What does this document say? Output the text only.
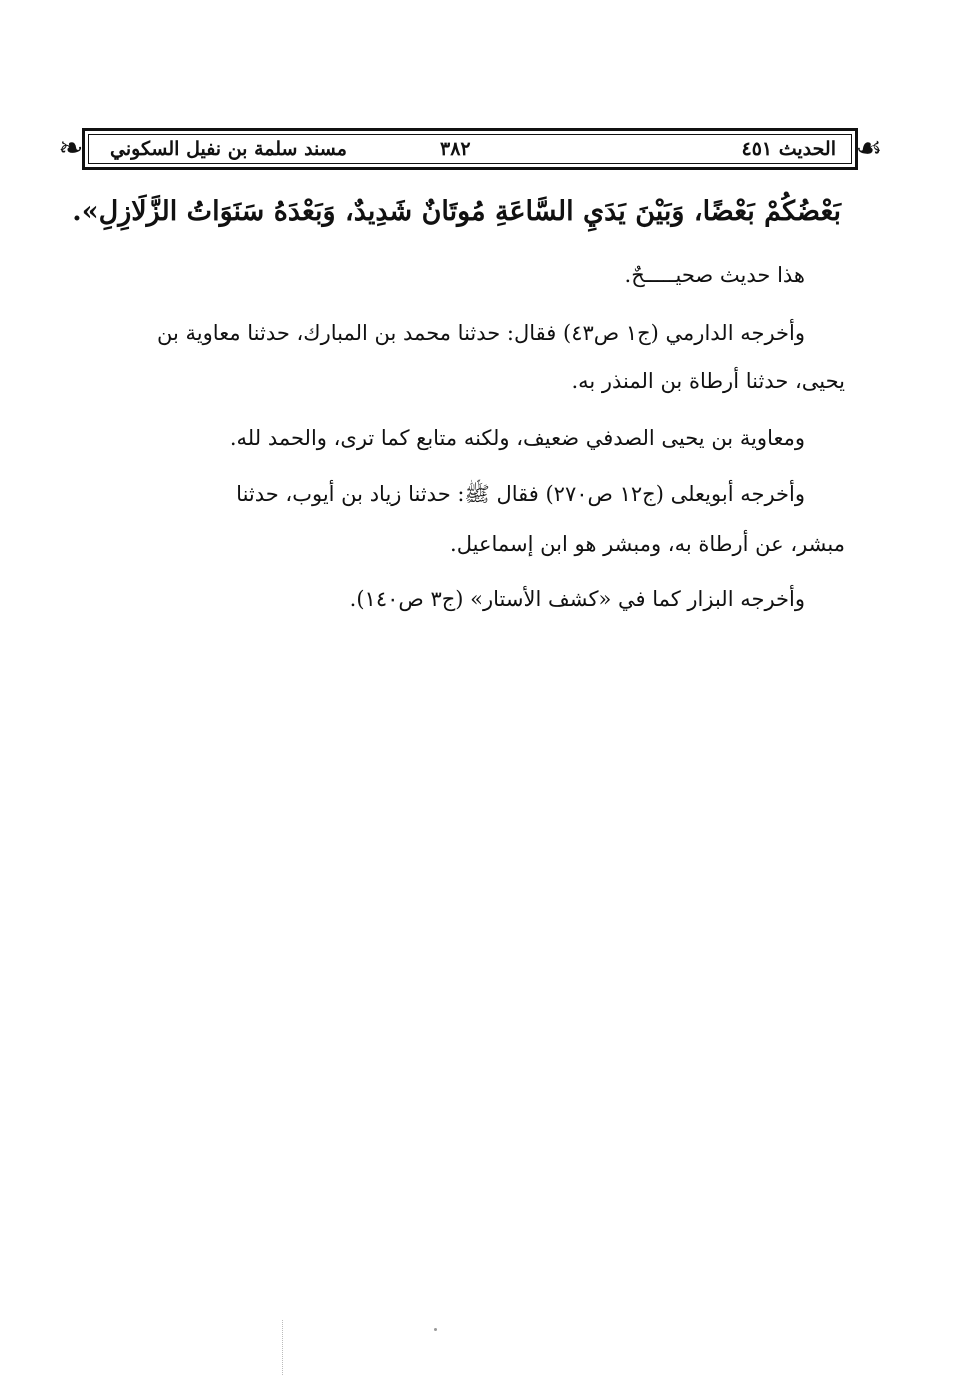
❧	☙
الحديث ٤٥١
٣٨٢
مسند سلمة بن نفيل السكوني
بَعْضُكُمْ بَعْضًا، وَبَيْنَ يَدَيِ السَّاعَةِ مُوتَانٌ شَدِيدٌ، وَبَعْدَهُ سَنَوَاتُ الزَّلَازِلِ».
هذا حديث صحيـــــحٌ.
وأخرجه الدارمي (ج١ ص٤٣) فقال: حدثنا محمد بن المبارك، حدثنا معاوية بن
يحيى، حدثنا أرطاة بن المنذر به.
ومعاوية بن يحيى الصدفي ضعيف، ولكنه متابع كما ترى، والحمد لله.
وأخرجه أبويعلى (ج١٢ ص٢٧٠) فقال ﷺ: حدثنا زياد بن أيوب، حدثنا
مبشر، عن أرطاة به، ومبشر هو ابن إسماعيل.
وأخرجه البزار كما في «كشف الأستار» (ج٣ ص١٤٠).
